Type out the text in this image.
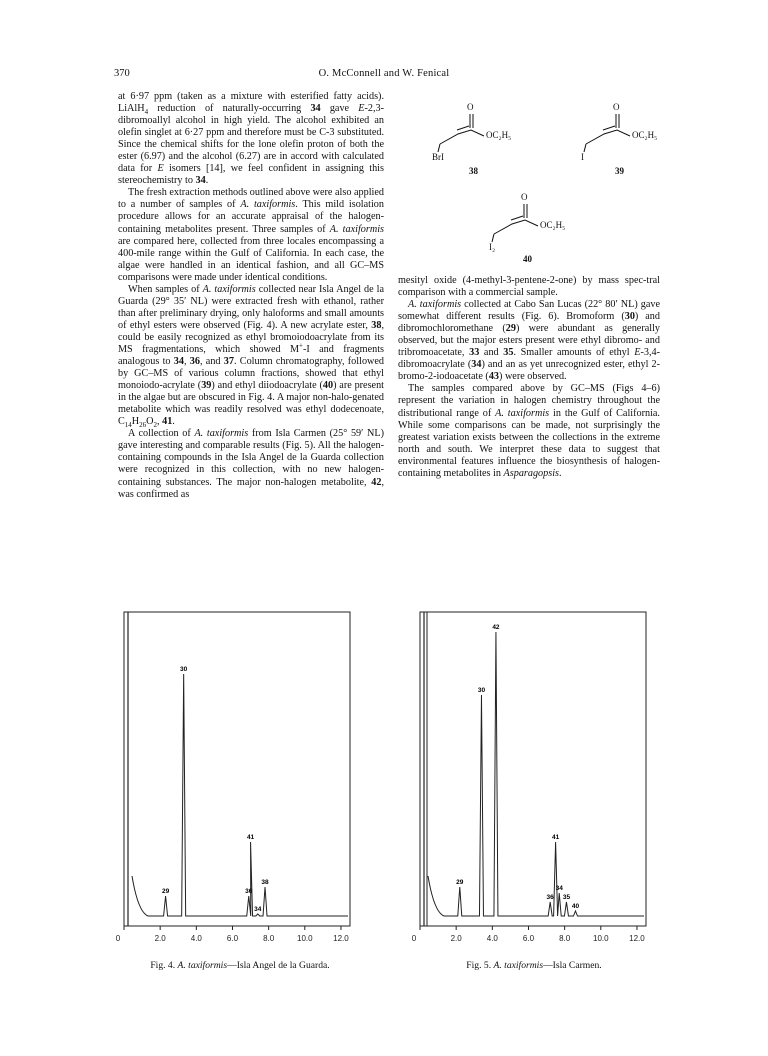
370	O. McConnell and W. Fenical

at 6·97 ppm (taken as a mixture with esterified fatty acids). LiAlH$_4$ reduction of naturally-occurring 34 gave E-2,3-dibromoallyl alcohol in high yield. The alcohol exhibited an olefin singlet at 6·27 ppm and therefore must be C-3 substituted. Since the chemical shifts for the lone olefin proton of both the ester (6.97) and the alcohol (6.27) are in accord with calculated data for E isomers [14], we feel confident in assigning this stereochemistry to 34.

The fresh extraction methods outlined above were also applied to a number of samples of A. taxiformis. This mild isolation procedure allows for an accurate appraisal of the halogen-containing metabolites present. Three samples of A. taxiformis are compared here, collected from three locales encompassing a 400-mile range within the Gulf of California. In each case, the algae were handled in an identical fashion, and all GC–MS comparisons were made under identical conditions.

When samples of A. taxiformis collected near Isla Angel de la Guarda (29° 35′ NL) were extracted fresh with ethanol, rather than after preliminary drying, only haloforms and small amounts of ethyl esters were observed (Fig. 4). A new acrylate ester, 38, could be easily recognized as ethyl bromoiodoacrylate from its MS fragmentations, which showed M+-I and fragments analogous to 34, 36, and 37. Column chromatography, followed by GC–MS of various column fractions, showed that ethyl monoiodo-acrylate (39) and ethyl diiodoacrylate (40) are present in the algae but are obscured in Fig. 4. A major non-halo-genated metabolite which was readily resolved was ethyl dodecenoate, $C_{14}H_{26}O_2$, 41.

A collection of A. taxiformis from Isla Carmen (25° 59′ NL) gave interesting and comparable results (Fig. 5). All the halogen-containing compounds in the Isla Angel de la Guarda collection were recognized in this collection, with no new halogen-containing substances. The major non-halogen metabolite, 42, was confirmed as

O
OC₂H₅
BrI
38
O
OC₂H₅
I
39
O
OC₂H₅
I₂
40

mesityl oxide (4-methyl-3-pentene-2-one) by mass spec-tral comparison with a commercial sample.

A. taxiformis collected at Cabo San Lucas (22° 80′ NL) gave somewhat different results (Fig. 6). Bromoform (30) and dibromochloromethane (29) were abundant as generally observed, but the major esters present were ethyl dibromo- and tribromoacetate, 33 and 35. Smaller amounts of ethyl E-3,4-dibromoacrylate (34) and an as yet unrecognized ester, ethyl 2-bromo-2-iodoacetate (43) were observed.

The samples compared above by GC–MS (Figs 4–6) represent the variation in halogen chemistry throughout the distributional range of A. taxiformis in the Gulf of California. While some comparisons can be made, not surprisingly the greatest variation exists between the collections in the extreme north and south. We interpret these data to suggest that environmental features influence the biosynthesis of halogen-containing metabolites in Asparagopsis.

29
30
36
41
34
38
0	2.0	4.0	6.0	8.0	10.0	12.0
Fig. 4. A. taxiformis—Isla Angel de la Guarda.
29
30
42
36
41
34
35
40
0	2.0	4.0	6.0	8.0	10.0	12.0
Fig. 5. A. taxiformis—Isla Carmen.
